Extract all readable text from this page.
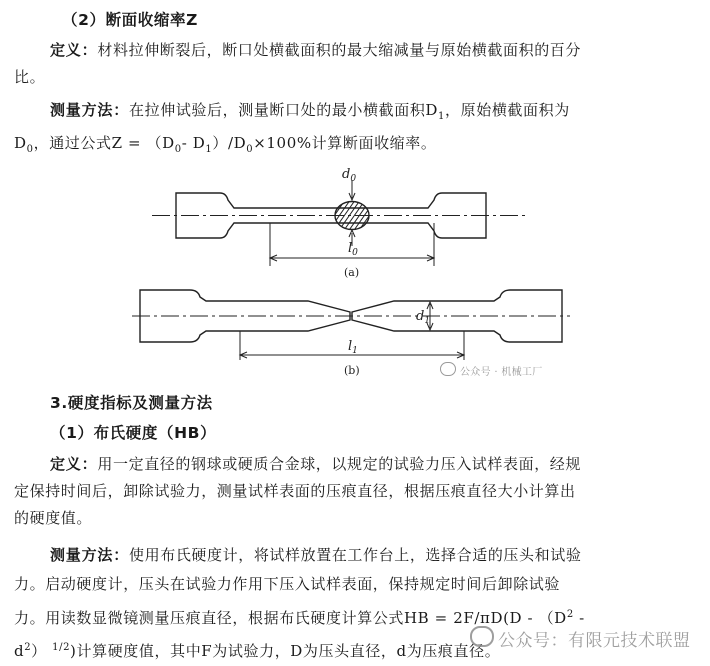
（2）断面收缩率Z
定义：材料拉伸断裂后，断口处横截面积的最大缩减量与原始横截面积的百分
比。
测量方法：在拉伸试验后，测量断口处的最小横截面积$D_1$，原始横截面积为
$D_0$，通过公式$Z = (D_0-$ $D_1)/D_0\times 100\%$计算断面收缩率。
$d_0$
$l_0$
$d_1$
$l_1$
(a)
(b)	公众号 · 机械工厂
3.硬度指标及测量方法
（1）布氏硬度（HB）
定义：用一定直径的钢球或硬质合金球，以规定的试验力压入试样表面，经规
定保持时间后，卸除试验力，测量试样表面的压痕直径，根据压痕直径大小计算出
的硬度值。
测量方法：使用布氏硬度计，将试样放置在工作台上，选择合适的压头和试验
力。启动硬度计，压头在试验力作用下压入试样表面，保持规定时间后卸除试验
力。用读数显微镜测量压痕直径，根据布氏硬度计算公式HB = $2F/\pi D(D - (D^2$ -
$d^2$） $^{1/2}$)计算硬度值，其中F为试验力，D为压头直径，d为压痕直径。
公众号：有限元技术联盟
